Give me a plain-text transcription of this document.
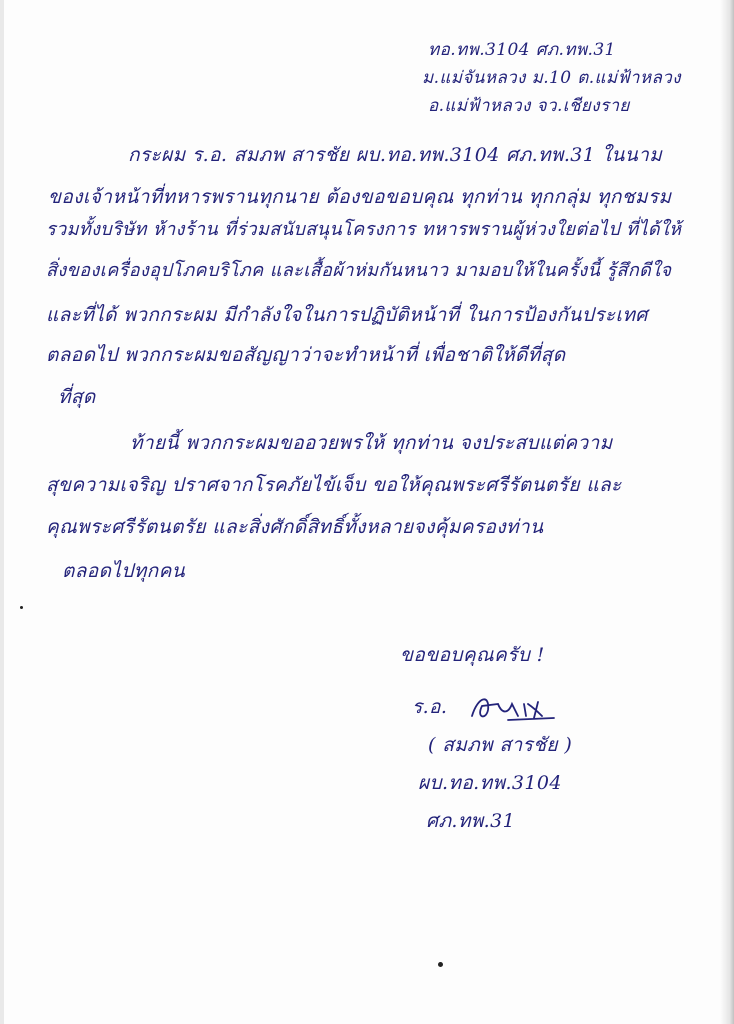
ทอ.ทพ.3104 ศภ.ทพ.31
ม.แม่จันหลวง ม.10 ต.แม่ฟ้าหลวง
อ.แม่ฟ้าหลวง จว.เชียงราย
กระผม ร.อ. สมภพ สารชัย ผบ.ทอ.ทพ.3104 ศภ.ทพ.31 ในนาม
ของเจ้าหน้าที่ทหารพรานทุกนาย ต้องขอขอบคุณ ทุกท่าน ทุกกลุ่ม ทุกชมรม
รวมทั้งบริษัท ห้างร้าน ที่ร่วมสนับสนุนโครงการ ทหารพรานผู้ห่วงใยต่อไป ที่ได้ให้
สิ่งของเครื่องอุปโภคบริโภค และเสื้อผ้าห่มกันหนาว มามอบให้ในครั้งนี้ รู้สึกดีใจ
และที่ได้ พวกกระผม มีกำลังใจในการปฏิบัติหน้าที่ ในการป้องกันประเทศ
ตลอดไป พวกกระผมขอสัญญาว่าจะทำหน้าที่ เพื่อชาติให้ดีที่สุด
ที่สุด
ท้ายนี้ พวกกระผมขออวยพรให้ ทุกท่าน จงประสบแต่ความ
สุขความเจริญ ปราศจากโรคภัยไข้เจ็บ ขอให้คุณพระศรีรัตนตรัย และ
คุณพระศรีรัตนตรัย และสิ่งศักดิ์สิทธิ์ทั้งหลายจงคุ้มครองท่าน
ตลอดไปทุกคน
ขอขอบคุณครับ !
ร.อ.
( สมภพ สารชัย )
ผบ.ทอ.ทพ.3104
ศภ.ทพ.31
